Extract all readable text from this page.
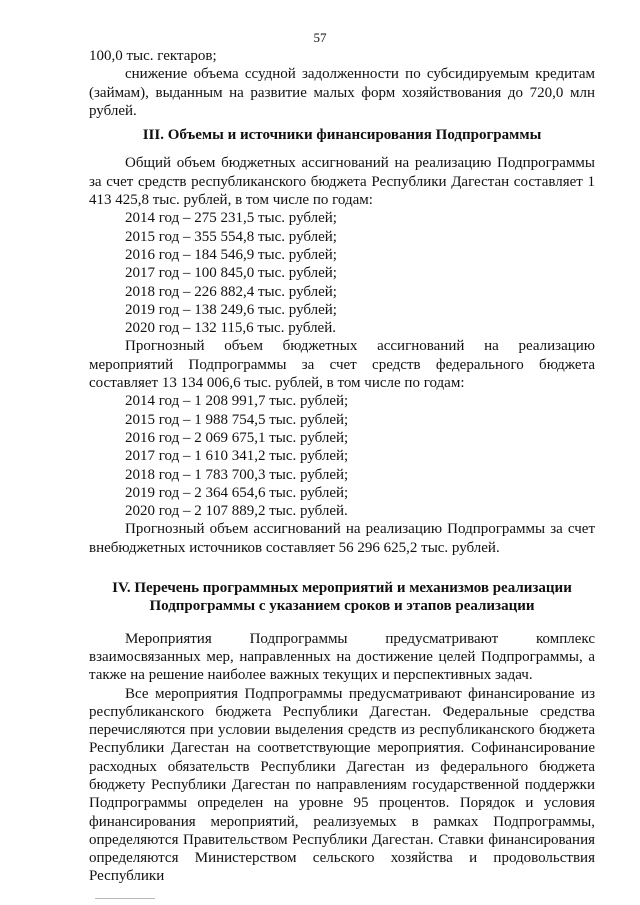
57

100,0 тыс. гектаров;

снижение объема ссудной задолженности по субсидируемым кредитам (займам), выданным на развитие малых форм хозяйствования до 720,0 млн рублей.

III. Объемы и источники финансирования Подпрограммы

Общий объем бюджетных ассигнований на реализацию Подпрограммы за счет средств республиканского бюджета Республики Дагестан составляет 1 413 425,8 тыс. рублей, в том числе по годам:

2014 год – 275 231,5 тыс. рублей;
2015 год – 355 554,8 тыс. рублей;
2016 год – 184 546,9 тыс. рублей;
2017 год – 100 845,0 тыс. рублей;
2018 год – 226 882,4 тыс. рублей;
2019 год – 138 249,6 тыс. рублей;
2020 год – 132 115,6 тыс. рублей.

Прогнозный объем бюджетных ассигнований на реализацию мероприятий Подпрограммы за счет средств федерального бюджета составляет 13 134 006,6 тыс. рублей, в том числе по годам:

2014 год – 1 208 991,7 тыс. рублей;
2015 год – 1 988 754,5 тыс. рублей;
2016 год – 2 069 675,1 тыс. рублей;
2017 год – 1 610 341,2 тыс. рублей;
2018 год – 1 783 700,3 тыс. рублей;
2019 год – 2 364 654,6 тыс. рублей;
2020 год – 2 107 889,2 тыс. рублей.

Прогнозный объем ассигнований на реализацию Подпрограммы за счет внебюджетных источников составляет 56 296 625,2 тыс. рублей.

IV. Перечень программных мероприятий и механизмов реализации
Подпрограммы с указанием сроков и этапов реализации

Мероприятия Подпрограммы предусматривают комплекс взаимосвязанных мер, направленных на достижение целей Подпрограммы, а также на решение наиболее важных текущих и перспективных задач.

Все мероприятия Подпрограммы предусматривают финансирование из республиканского бюджета Республики Дагестан. Федеральные средства перечисляются при условии выделения средств из республиканского бюджета Республики Дагестан на соответствующие мероприятия. Софинансирование расходных обязательств Республики Дагестан из федерального бюджета бюджету Республики Дагестан по направлениям государственной поддержки Подпрограммы определен на уровне 95 процентов. Порядок и условия финансирования мероприятий, реализуемых в рамках Подпрограммы, определяются Правительством Республики Дагестан. Ставки финансирования определяются Министерством сельского хозяйства и продовольствия Республики
